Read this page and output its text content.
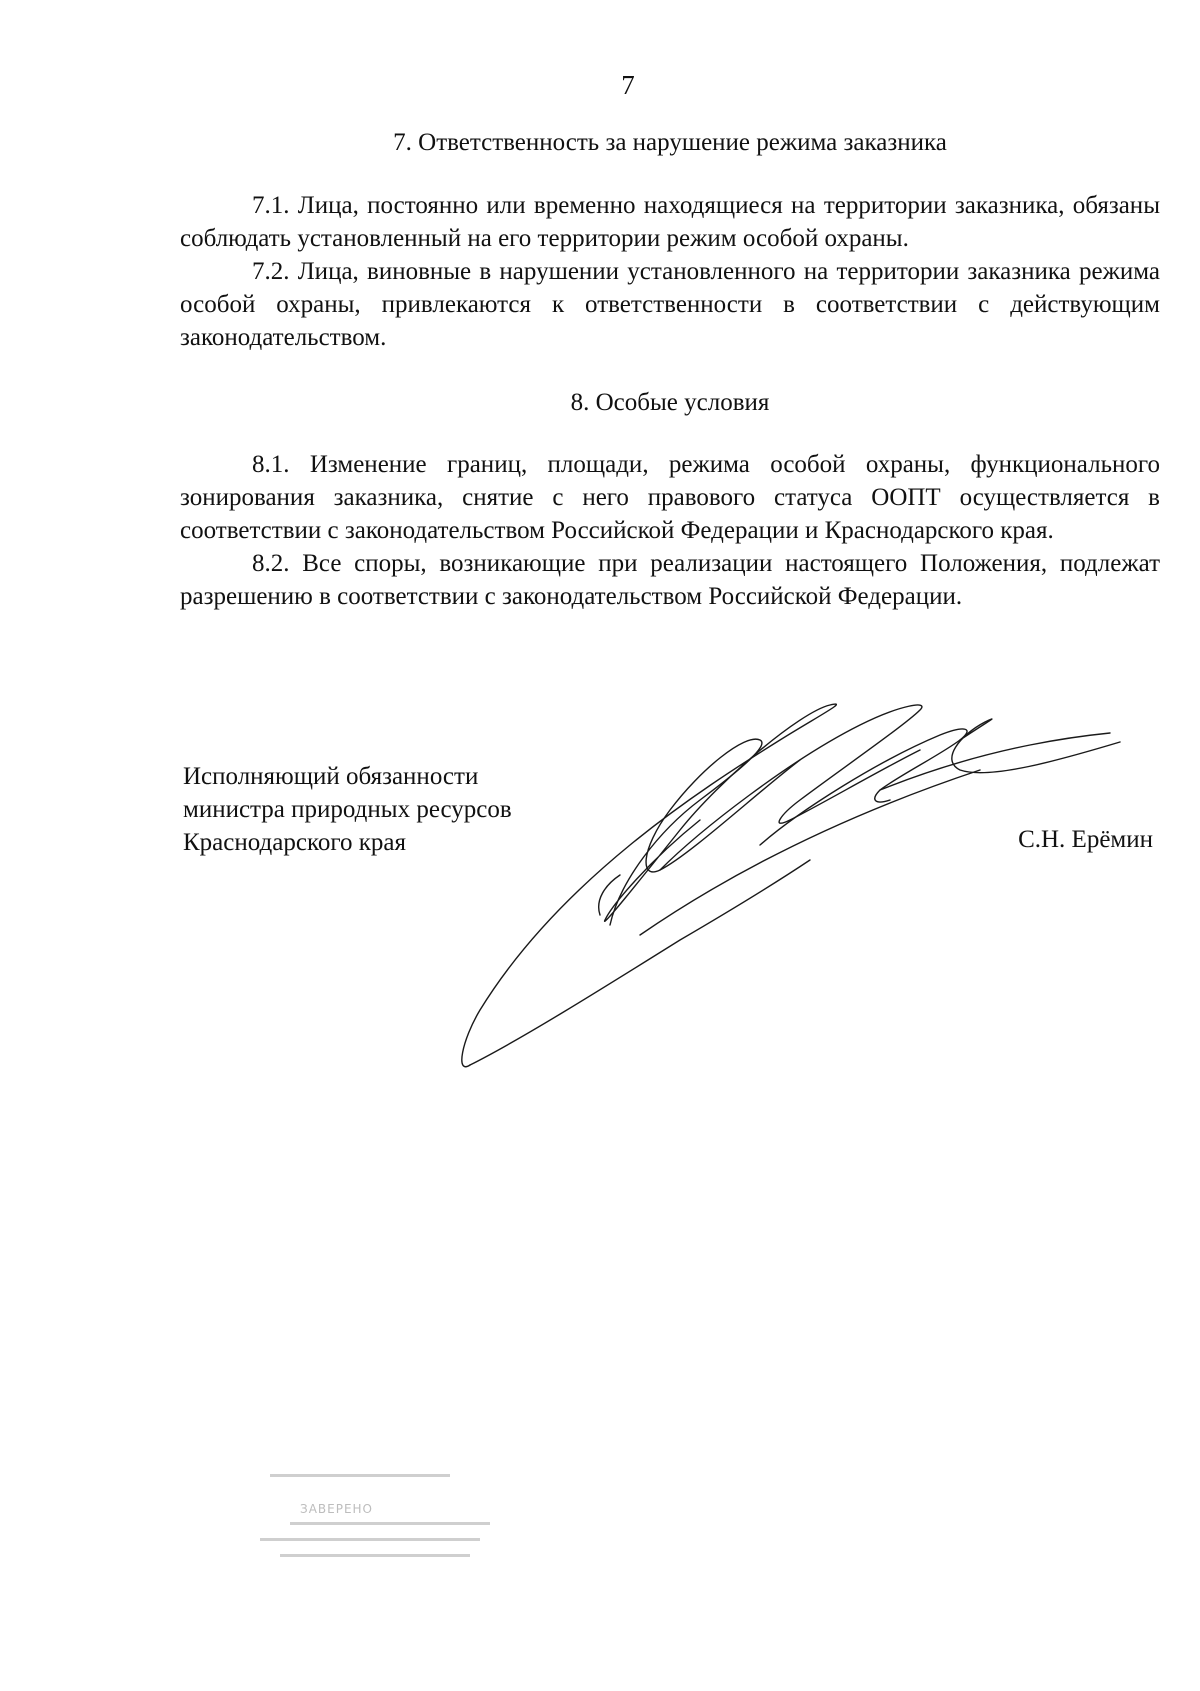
7
7. Ответственность за нарушение режима заказника

7.1. Лица, постоянно или временно находящиеся на территории заказника, обязаны соблюдать установленный на его территории режим особой охраны.

7.2. Лица, виновные в нарушении установленного на территории заказника режима особой охраны, привлекаются к ответственности в соответствии с действующим законодательством.

8. Особые условия

8.1. Изменение границ, площади, режима особой охраны, функционального зонирования заказника, снятие с него правового статуса ООПТ осуществляется в соответствии с законодательством Российской Федерации и Краснодарского края.

8.2. Все споры, возникающие при реализации настоящего Положения, подлежат разрешению в соответствии с законодательством Российской Федерации.

Исполняющий обязанности
министра природных ресурсов
Краснодарского края	С.Н. Ерёмин
ЗАВЕРЕНО
